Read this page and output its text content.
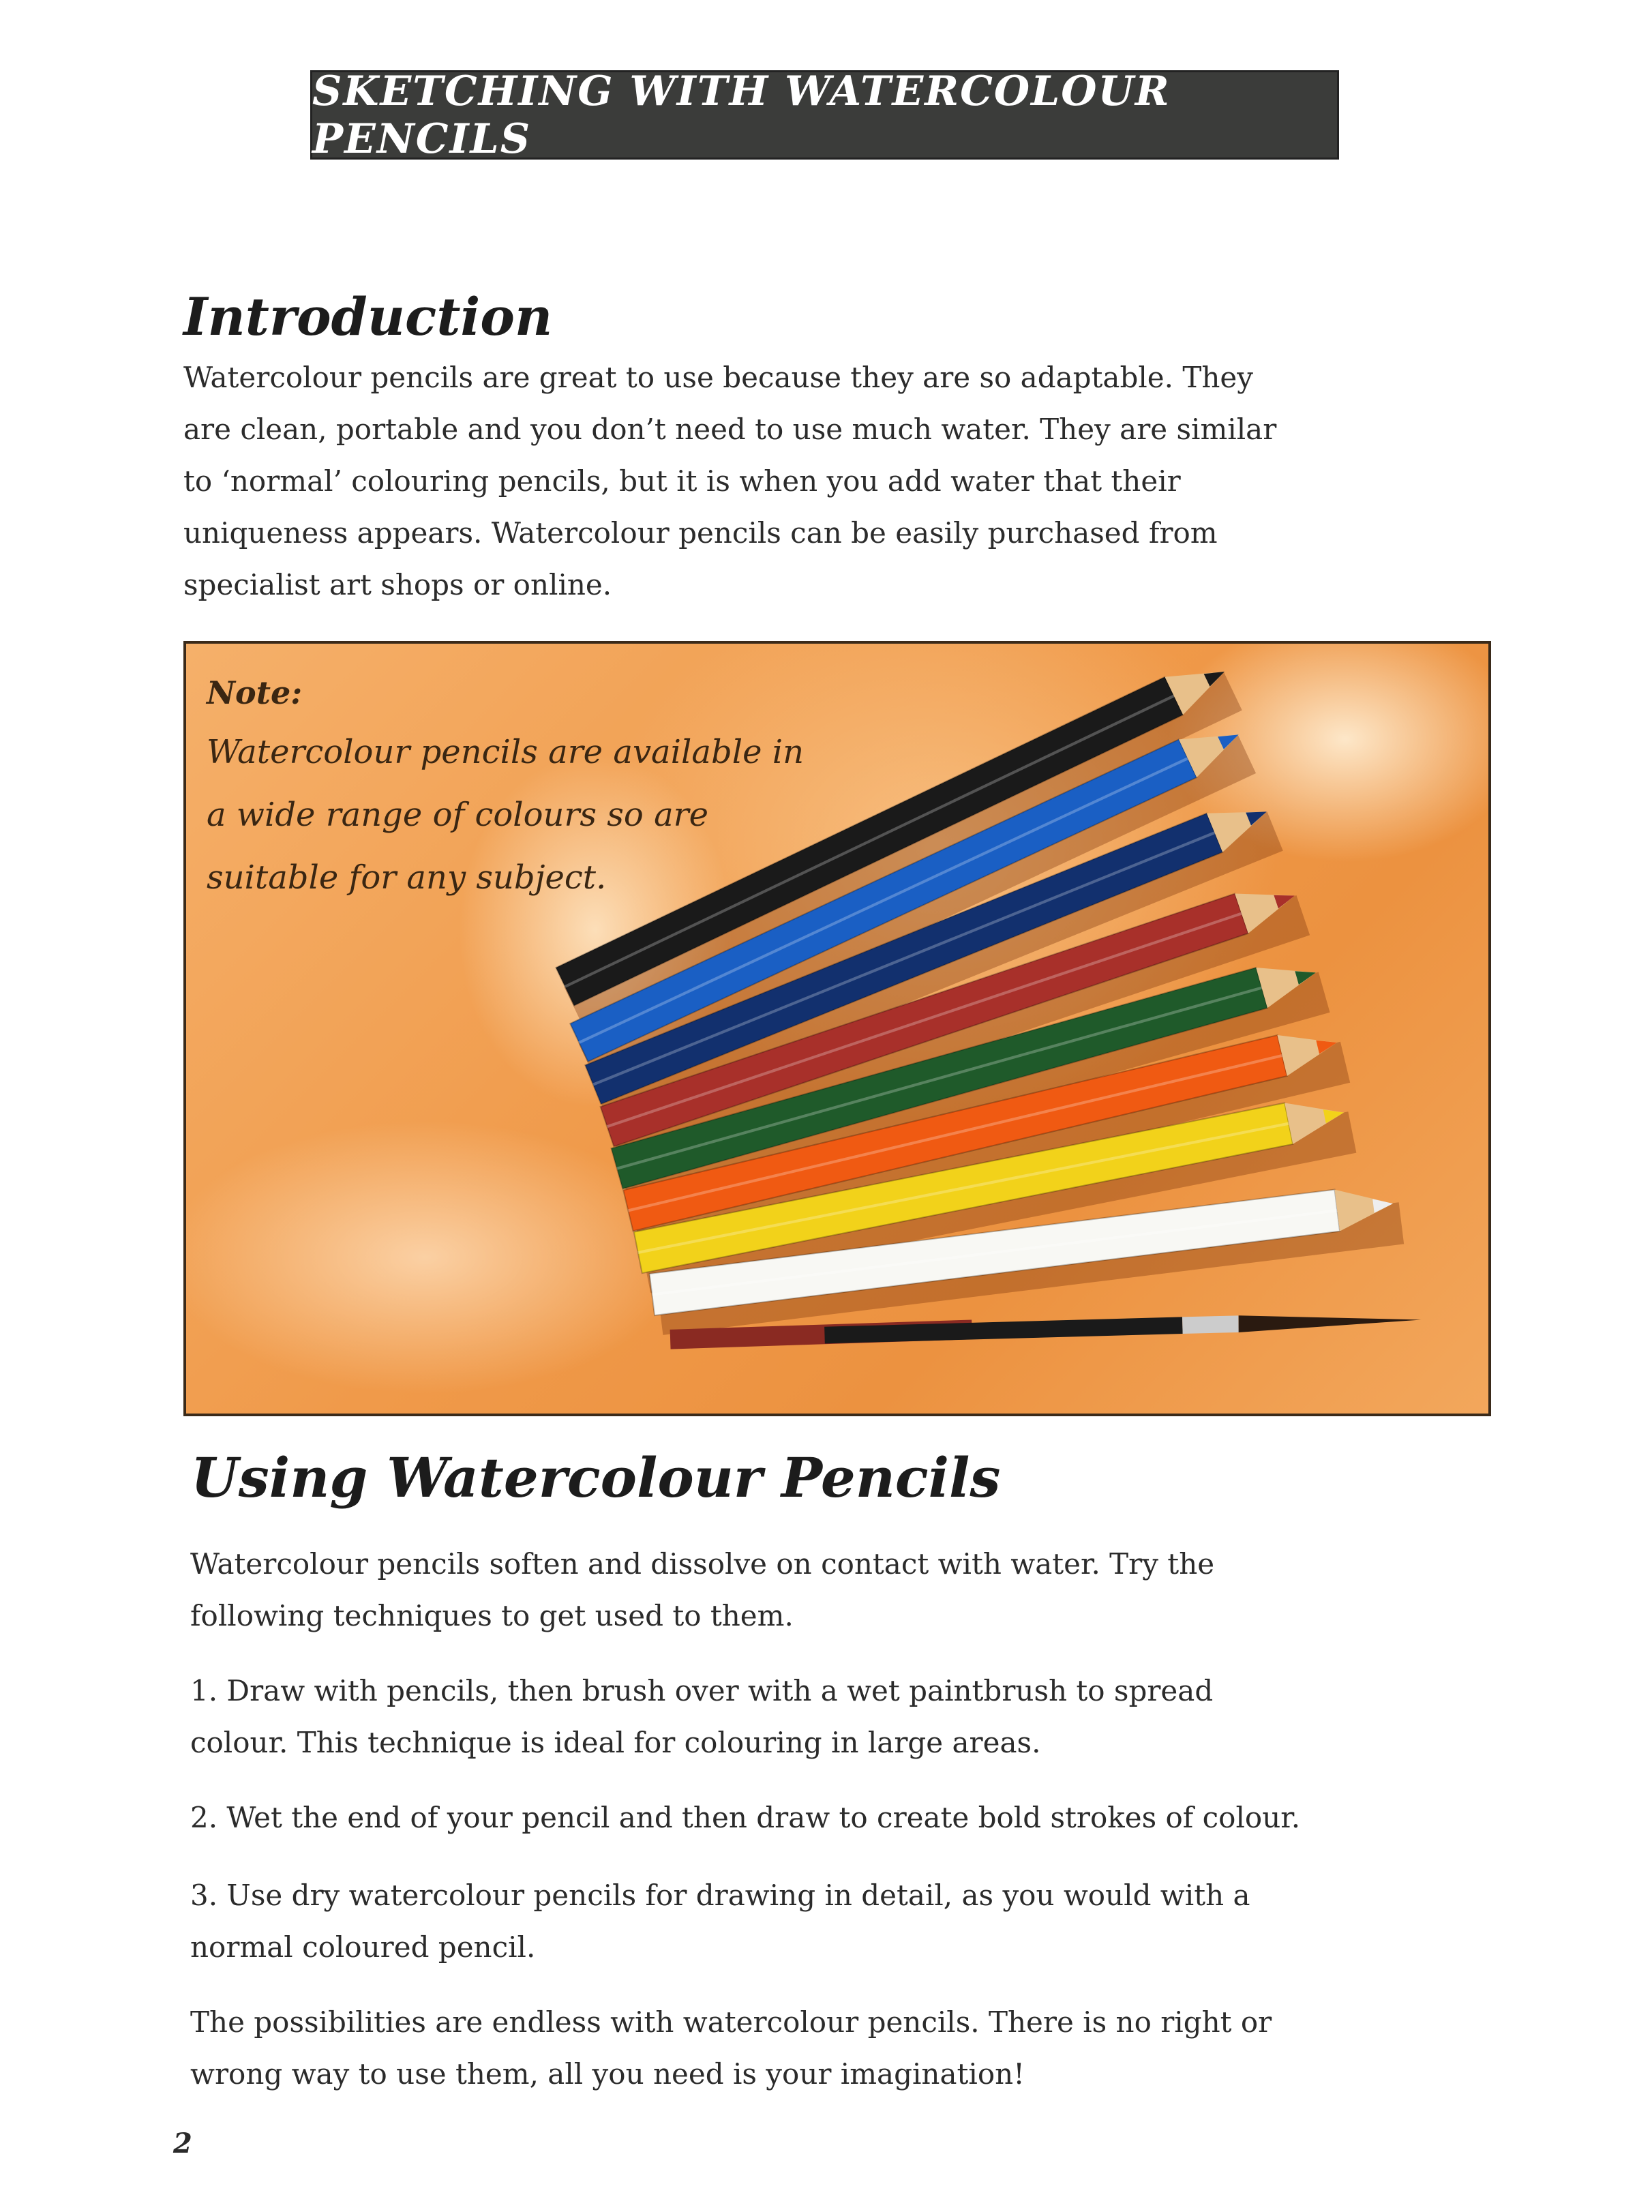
SKETCHING WITH WATERCOLOUR PENCILS
Introduction
Watercolour pencils are great to use because they are so adaptable. They
are clean, portable and you don’t need to use much water. They are similar
to ‘normal’ colouring pencils, but it is when you add water that their
uniqueness appears. Watercolour pencils can be easily purchased from
specialist art shops or online.
Note:
Watercolour pencils are available in
a wide range of colours so are
suitable for any subject.
Using Watercolour Pencils
Watercolour pencils soften and dissolve on contact with water. Try the
following techniques to get used to them.
1. Draw with pencils, then brush over with a wet paintbrush to spread
colour. This technique is ideal for colouring in large areas.
2. Wet the end of your pencil and then draw to create bold strokes of colour.
3. Use dry watercolour pencils for drawing in detail, as you would with a
normal coloured pencil.
The possibilities are endless with watercolour pencils. There is no right or
wrong way to use them, all you need is your imagination!
2
